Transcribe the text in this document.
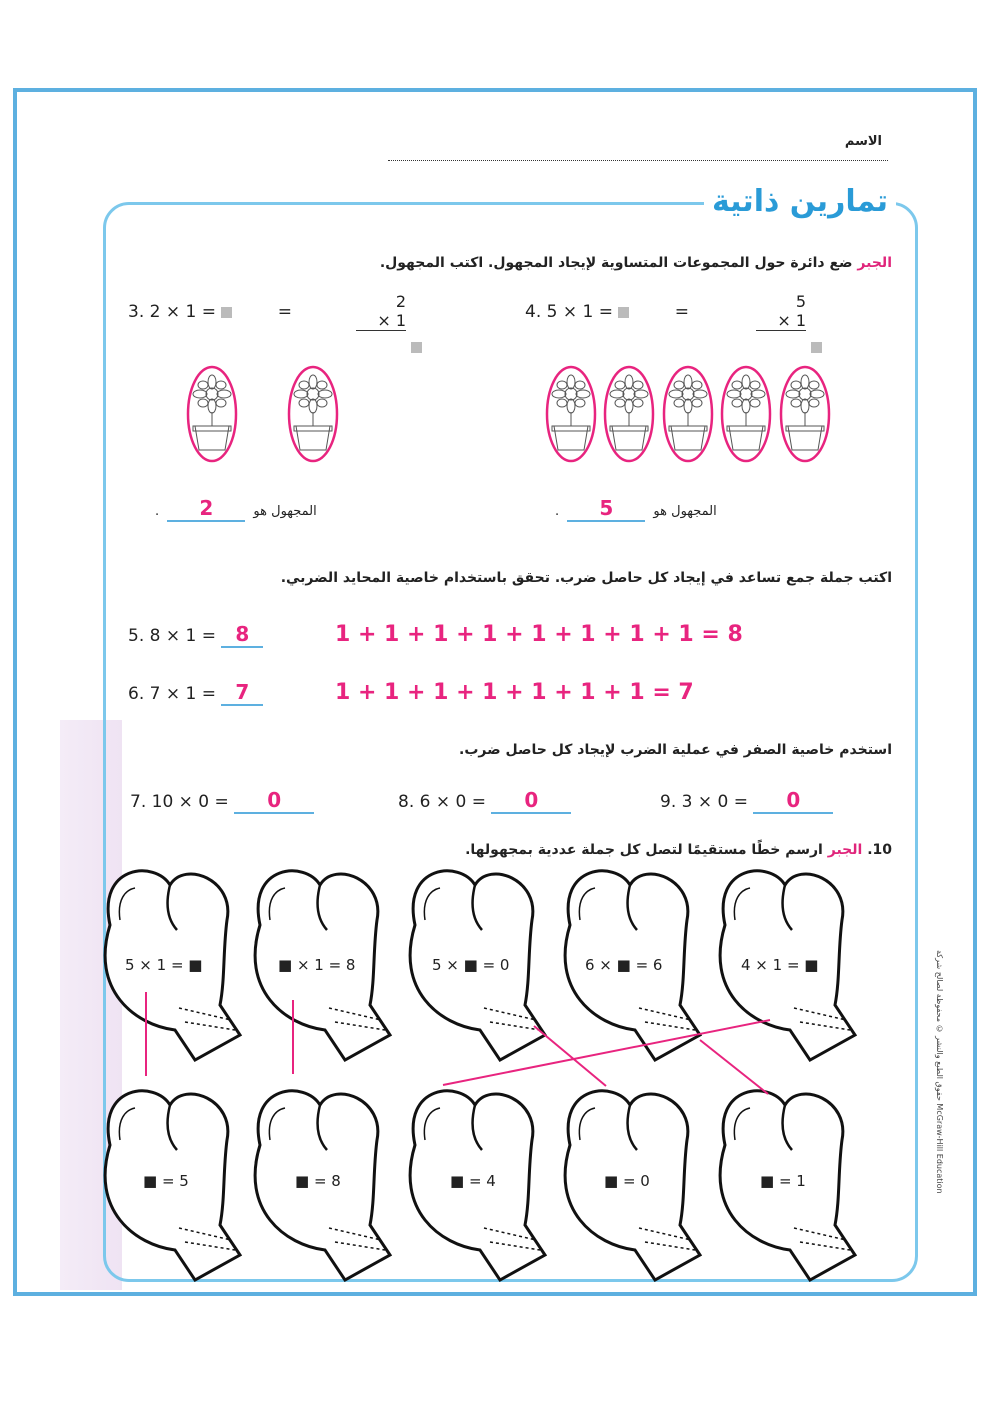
الاسم
تمارين ذاتية
الجبر ضع دائرة حول المجموعات المتساوية لإيجاد المجهول. اكتب المجهول.
3. 2 × 1 =	=
2
× 1	4. 5 × 1 =	=
5
× 1
المجهول هو 2 .	المجهول هو 5 .
اكتب جملة جمع تساعد في إيجاد كل حاصل ضرب. تحقق باستخدام خاصية المحايد الضربي.
5. 8 × 1 = 8	1 + 1 + 1 + 1 + 1 + 1 + 1 + 1 = 8
6. 7 × 1 = 7	1 + 1 + 1 + 1 + 1 + 1 + 1 = 7
استخدم خاصية الصفر في عملية الضرب لإيجاد كل حاصل ضرب.
7. 10 × 0 = 0	8. 6 × 0 = 0	9. 3 × 0 = 0
10. الجبر ارسم خطًا مستقيمًا لتصل كل جملة عددية بمجهولها.
5 × 1 = ■	■ × 1 = 8	5 × ■ = 0	6 × ■ = 6	4 × 1 = ■
■ = 5	■ = 8	■ = 4	■ = 0	■ = 1
حقوق الطبع والنشر © محفوظة لصالح شركة McGraw-Hill Education
